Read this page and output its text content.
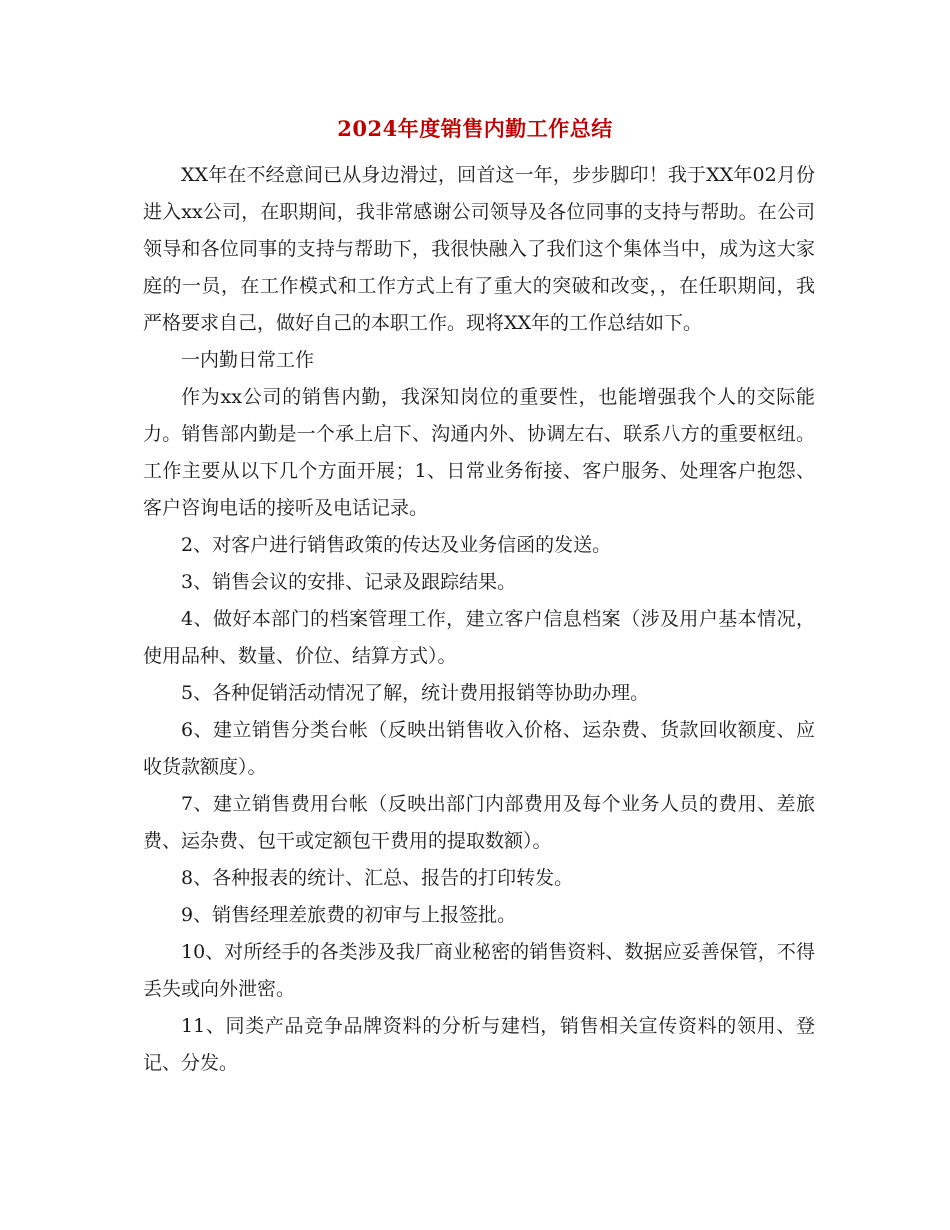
2024年度销售内勤工作总结

XX年在不经意间已从身边滑过，回首这一年，步步脚印！我于XX年02月份进入xx公司，在职期间，我非常感谢公司领导及各位同事的支持与帮助。在公司领导和各位同事的支持与帮助下，我很快融入了我们这个集体当中，成为这大家庭的一员，在工作模式和工作方式上有了重大的突破和改变，，在任职期间，我严格要求自己，做好自己的本职工作。现将XX年的工作总结如下。

一内勤日常工作

作为xx公司的销售内勤，我深知岗位的重要性，也能增强我个人的交际能力。销售部内勤是一个承上启下、沟通内外、协调左右、联系八方的重要枢纽。工作主要从以下几个方面开展；1、日常业务衔接、客户服务、处理客户抱怨、客户咨询电话的接听及电话记录。

2、对客户进行销售政策的传达及业务信函的发送。

3、销售会议的安排、记录及跟踪结果。

4、做好本部门的档案管理工作，建立客户信息档案（涉及用户基本情况，使用品种、数量、价位、结算方式）。

5、各种促销活动情况了解，统计费用报销等协助办理。

6、建立销售分类台帐（反映出销售收入价格、运杂费、货款回收额度、应收货款额度）。

7、建立销售费用台帐（反映出部门内部费用及每个业务人员的费用、差旅费、运杂费、包干或定额包干费用的提取数额）。

8、各种报表的统计、汇总、报告的打印转发。

9、销售经理差旅费的初审与上报签批。

10、对所经手的各类涉及我厂商业秘密的销售资料、数据应妥善保管，不得丢失或向外泄密。

11、同类产品竞争品牌资料的分析与建档，销售相关宣传资料的领用、登记、分发。
